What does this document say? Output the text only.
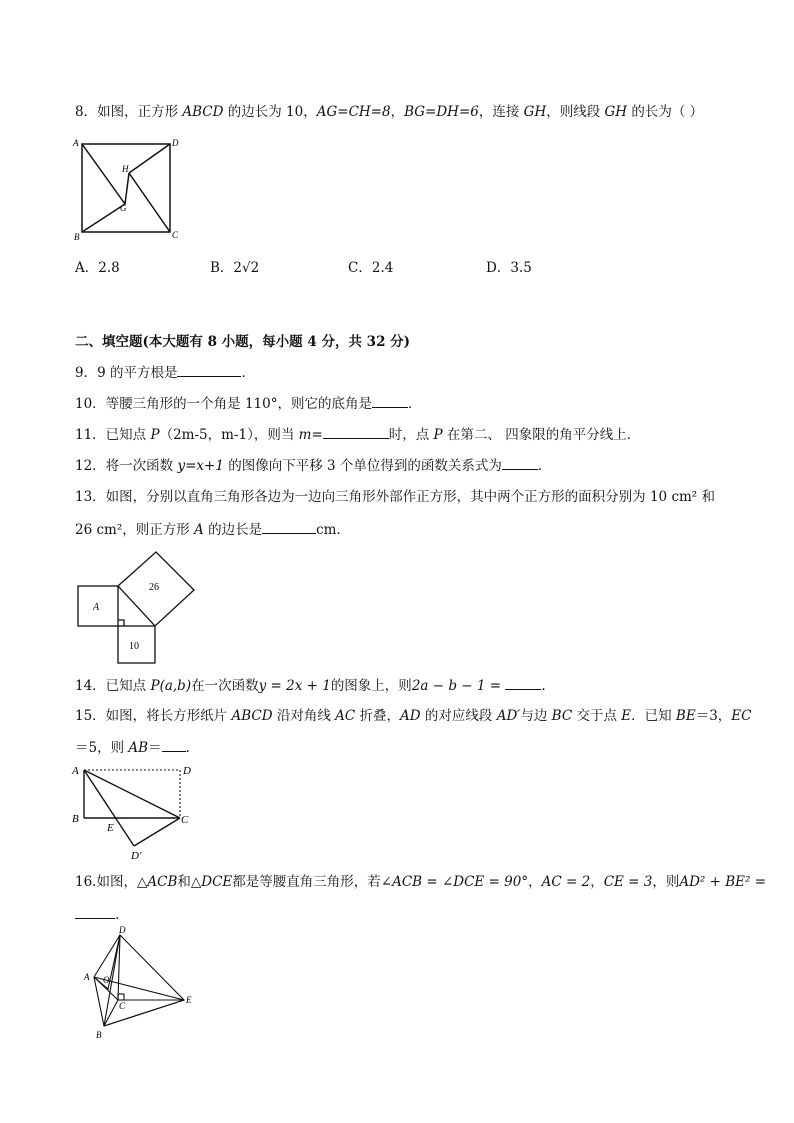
8．如图，正方形 ABCD 的边长为 10，AG=CH=8，BG=DH=6，连接 GH，则线段 GH 的长为（ ）
A	D
H
G
B	C
A．2.8	B．2√2	C．2.4	D．3.5
二、填空题(本大题有 8 小题，每小题 4 分，共 32 分)
9．9 的平方根是	．
10．等腰三角形的一个角是 110°，则它的底角是	．
11．已知点 P（2m-5，m-1），则当 m=	时，点 P 在第二、 四象限的角平分线上．
12．将一次函数 y=x+1 的图像向下平移 3 个单位得到的函数关系式为	．
13．如图，分别以直角三角形各边为一边向三角形外部作正方形，其中两个正方形的面积分别为 10 cm² 和
26 cm²，则正方形 A 的边长是	cm．
A
26
10
14．已知点 P(a,b)在一次函数y = 2x + 1的图象上，则2a − b − 1 =	.
15．如图，将长方形纸片 ABCD 沿对角线 AC 折叠，AD 的对应线段 AD′与边 BC 交于点 E．已知 BE＝3，EC
＝5，则 AB＝ ．
A	D
B
E
C
D′
16.如图，△ACB和△DCE都是等腰直角三角形，若∠ACB = ∠DCE = 90°，AC = 2，CE = 3，则AD² + BE² =
.
D
A O
C
E
B
